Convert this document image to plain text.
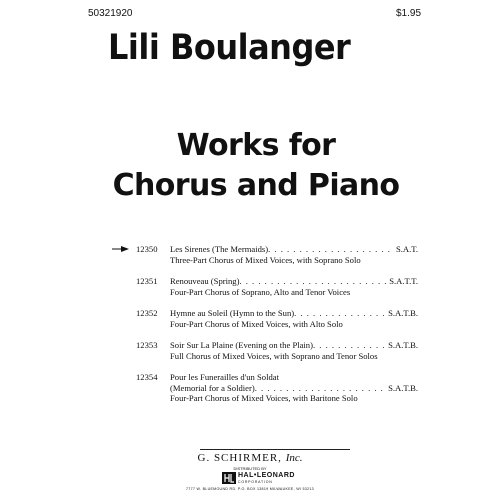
50321920	$1.95
Lili Boulanger
Works for
Chorus and Piano
12350 Les Sirenes (The Mermaids) . . .	S.A.T.
Three-Part Chorus of Mixed Voices, with Soprano Solo
12351 Renouveau (Spring) . . .	S.A.T.T.
Four-Part Chorus of Soprano, Alto and Tenor Voices
12352 Hymne au Soleil (Hymn to the Sun) . . .	S.A.T.B.
Four-Part Chorus of Mixed Voices, with Alto Solo
12353 Soir Sur La Plaine (Evening on the Plain) . . .	S.A.T.B.
Full Chorus of Mixed Voices, with Soprano and Tenor Solos
12354 Pour les Funerailles d'un Soldat
(Memorial for a Soldier) . . .	S.A.T.B.
Four-Part Chorus of Mixed Voices, with Baritone Solo
G. SCHIRMER, Inc.
DISTRIBUTED BY
HAL•LEONARD
CORPORATION
7777 W. BLUEMOUND RD. P.O. BOX 13819 MILWAUKEE, WI 53213
